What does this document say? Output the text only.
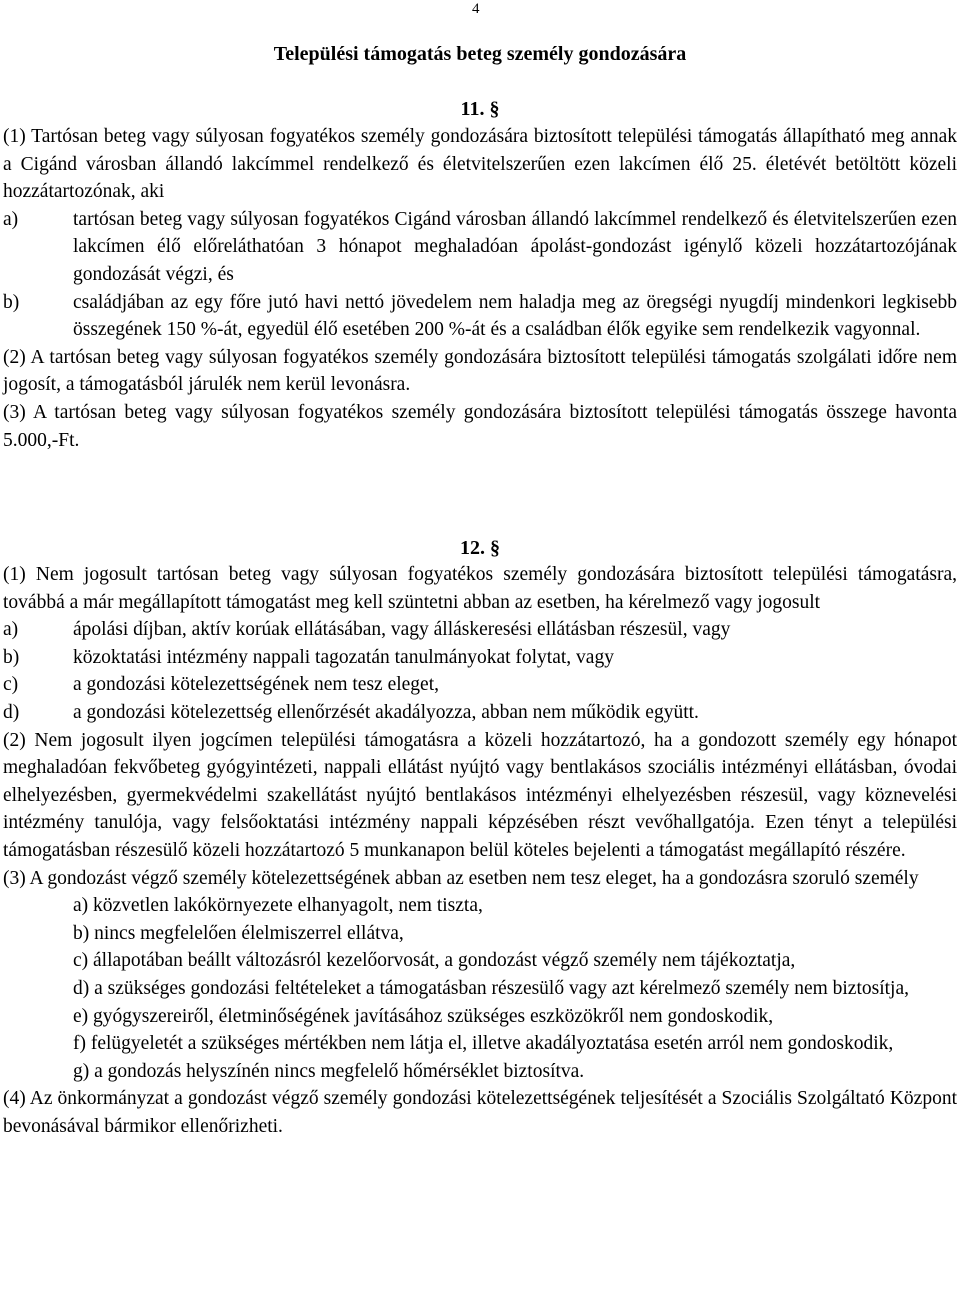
4
Települési támogatás beteg személy gondozására
11. §

(1) Tartósan beteg vagy súlyosan fogyatékos személy gondozására biztosított települési támogatás állapítható meg annak a Cigánd városban állandó lakcímmel rendelkező és életvitelszerűen ezen lakcímen élő 25. életévét betöltött közeli hozzátartozónak, aki

a)	tartósan beteg vagy súlyosan fogyatékos Cigánd városban állandó lakcímmel rendelkező és életvitelszerűen ezen lakcímen élő előreláthatóan 3 hónapot meghaladóan ápolást-gondozást igénylő közeli hozzátartozójának gondozását végzi, és
b)	családjában az egy főre jutó havi nettó jövedelem nem haladja meg az öregségi nyugdíj mindenkori legkisebb összegének 150 %-át, egyedül élő esetében 200 %-át és a családban élők egyike sem rendelkezik vagyonnal.

(2) A tartósan beteg vagy súlyosan fogyatékos személy gondozására biztosított települési támogatás szolgálati időre nem jogosít, a támogatásból járulék nem kerül levonásra.

(3) A tartósan beteg vagy súlyosan fogyatékos személy gondozására biztosított települési támogatás összege havonta 5.000,-Ft.

12. §

(1) Nem jogosult tartósan beteg vagy súlyosan fogyatékos személy gondozására biztosított települési támogatásra, továbbá a már megállapított támogatást meg kell szüntetni abban az esetben, ha kérelmező vagy jogosult

a)	ápolási díjban, aktív korúak ellátásában, vagy álláskeresési ellátásban részesül, vagy
b)	közoktatási intézmény nappali tagozatán tanulmányokat folytat, vagy
c)	a gondozási kötelezettségének nem tesz eleget,
d)	a gondozási kötelezettség ellenőrzését akadályozza, abban nem működik együtt.

(2) Nem jogosult ilyen jogcímen települési támogatásra a közeli hozzátartozó, ha a gondozott személy egy hónapot meghaladóan fekvőbeteg gyógyintézeti, nappali ellátást nyújtó vagy bentlakásos szociális intézményi ellátásban, óvodai elhelyezésben, gyermekvédelmi szakellátást nyújtó bentlakásos intézményi elhelyezésben részesül, vagy köznevelési intézmény tanulója, vagy felsőoktatási intézmény nappali képzésében részt vevőhallgatója. Ezen tényt a települési támogatásban részesülő közeli hozzátartozó 5 munkanapon belül köteles bejelenti a támogatást megállapító részére.

(3) A gondozást végző személy kötelezettségének abban az esetben nem tesz eleget, ha a gondozásra szoruló személy

a) közvetlen lakókörnyezete elhanyagolt, nem tiszta,
b) nincs megfelelően élelmiszerrel ellátva,
c) állapotában beállt változásról kezelőorvosát, a gondozást végző személy nem tájékoztatja,
d) a szükséges gondozási feltételeket a támogatásban részesülő vagy azt kérelmező személy nem biztosítja,
e) gyógyszereiről, életminőségének javításához szükséges eszközökről nem gondoskodik,
f) felügyeletét a szükséges mértékben nem látja el, illetve akadályoztatása esetén arról nem gondoskodik,
g) a gondozás helyszínén nincs megfelelő hőmérséklet biztosítva.

(4) Az önkormányzat a gondozást végző személy gondozási kötelezettségének teljesítését a Szociális Szolgáltató Központ bevonásával bármikor ellenőrizheti.
